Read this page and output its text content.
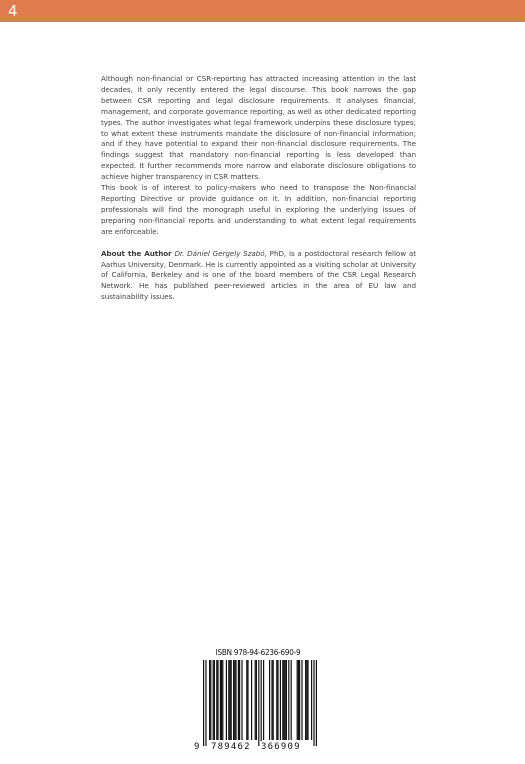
4

Although non-financial or CSR-reporting has attracted increasing attention in the last decades, it only recently entered the legal discourse. This book narrows the gap between CSR reporting and legal disclosure requirements. It analyses financial, management, and corporate governance reporting, as well as other dedicated reporting types. The author investigates what legal framework underpins these disclosure types; to what extent these instruments mandate the disclosure of non-financial information; and if they have potential to expand their non-financial disclosure requirements. The findings suggest that mandatory non-financial reporting is less developed than expected. It further recommends more narrow and elaborate disclosure obligations to achieve higher transparency in CSR matters.

This book is of interest to policy-makers who need to transpose the Non-financial Reporting Directive or provide guidance on it. In addition, non-financial reporting professionals will find the monograph useful in exploring the underlying issues of preparing non-financial reports and understanding to what extent legal requirements are enforceable.

About the Author Dr. Dániel Gergely Szabó, PhD, is a postdoctoral research fellow at Aarhus University, Denmark. He is currently appointed as a visiting scholar at University of California, Berkeley and is one of the board members of the CSR Legal Research Network. He has published peer-reviewed articles in the area of EU law and sustainability issues.

ISBN 978-94-6236-690-9
9 789462 366909
